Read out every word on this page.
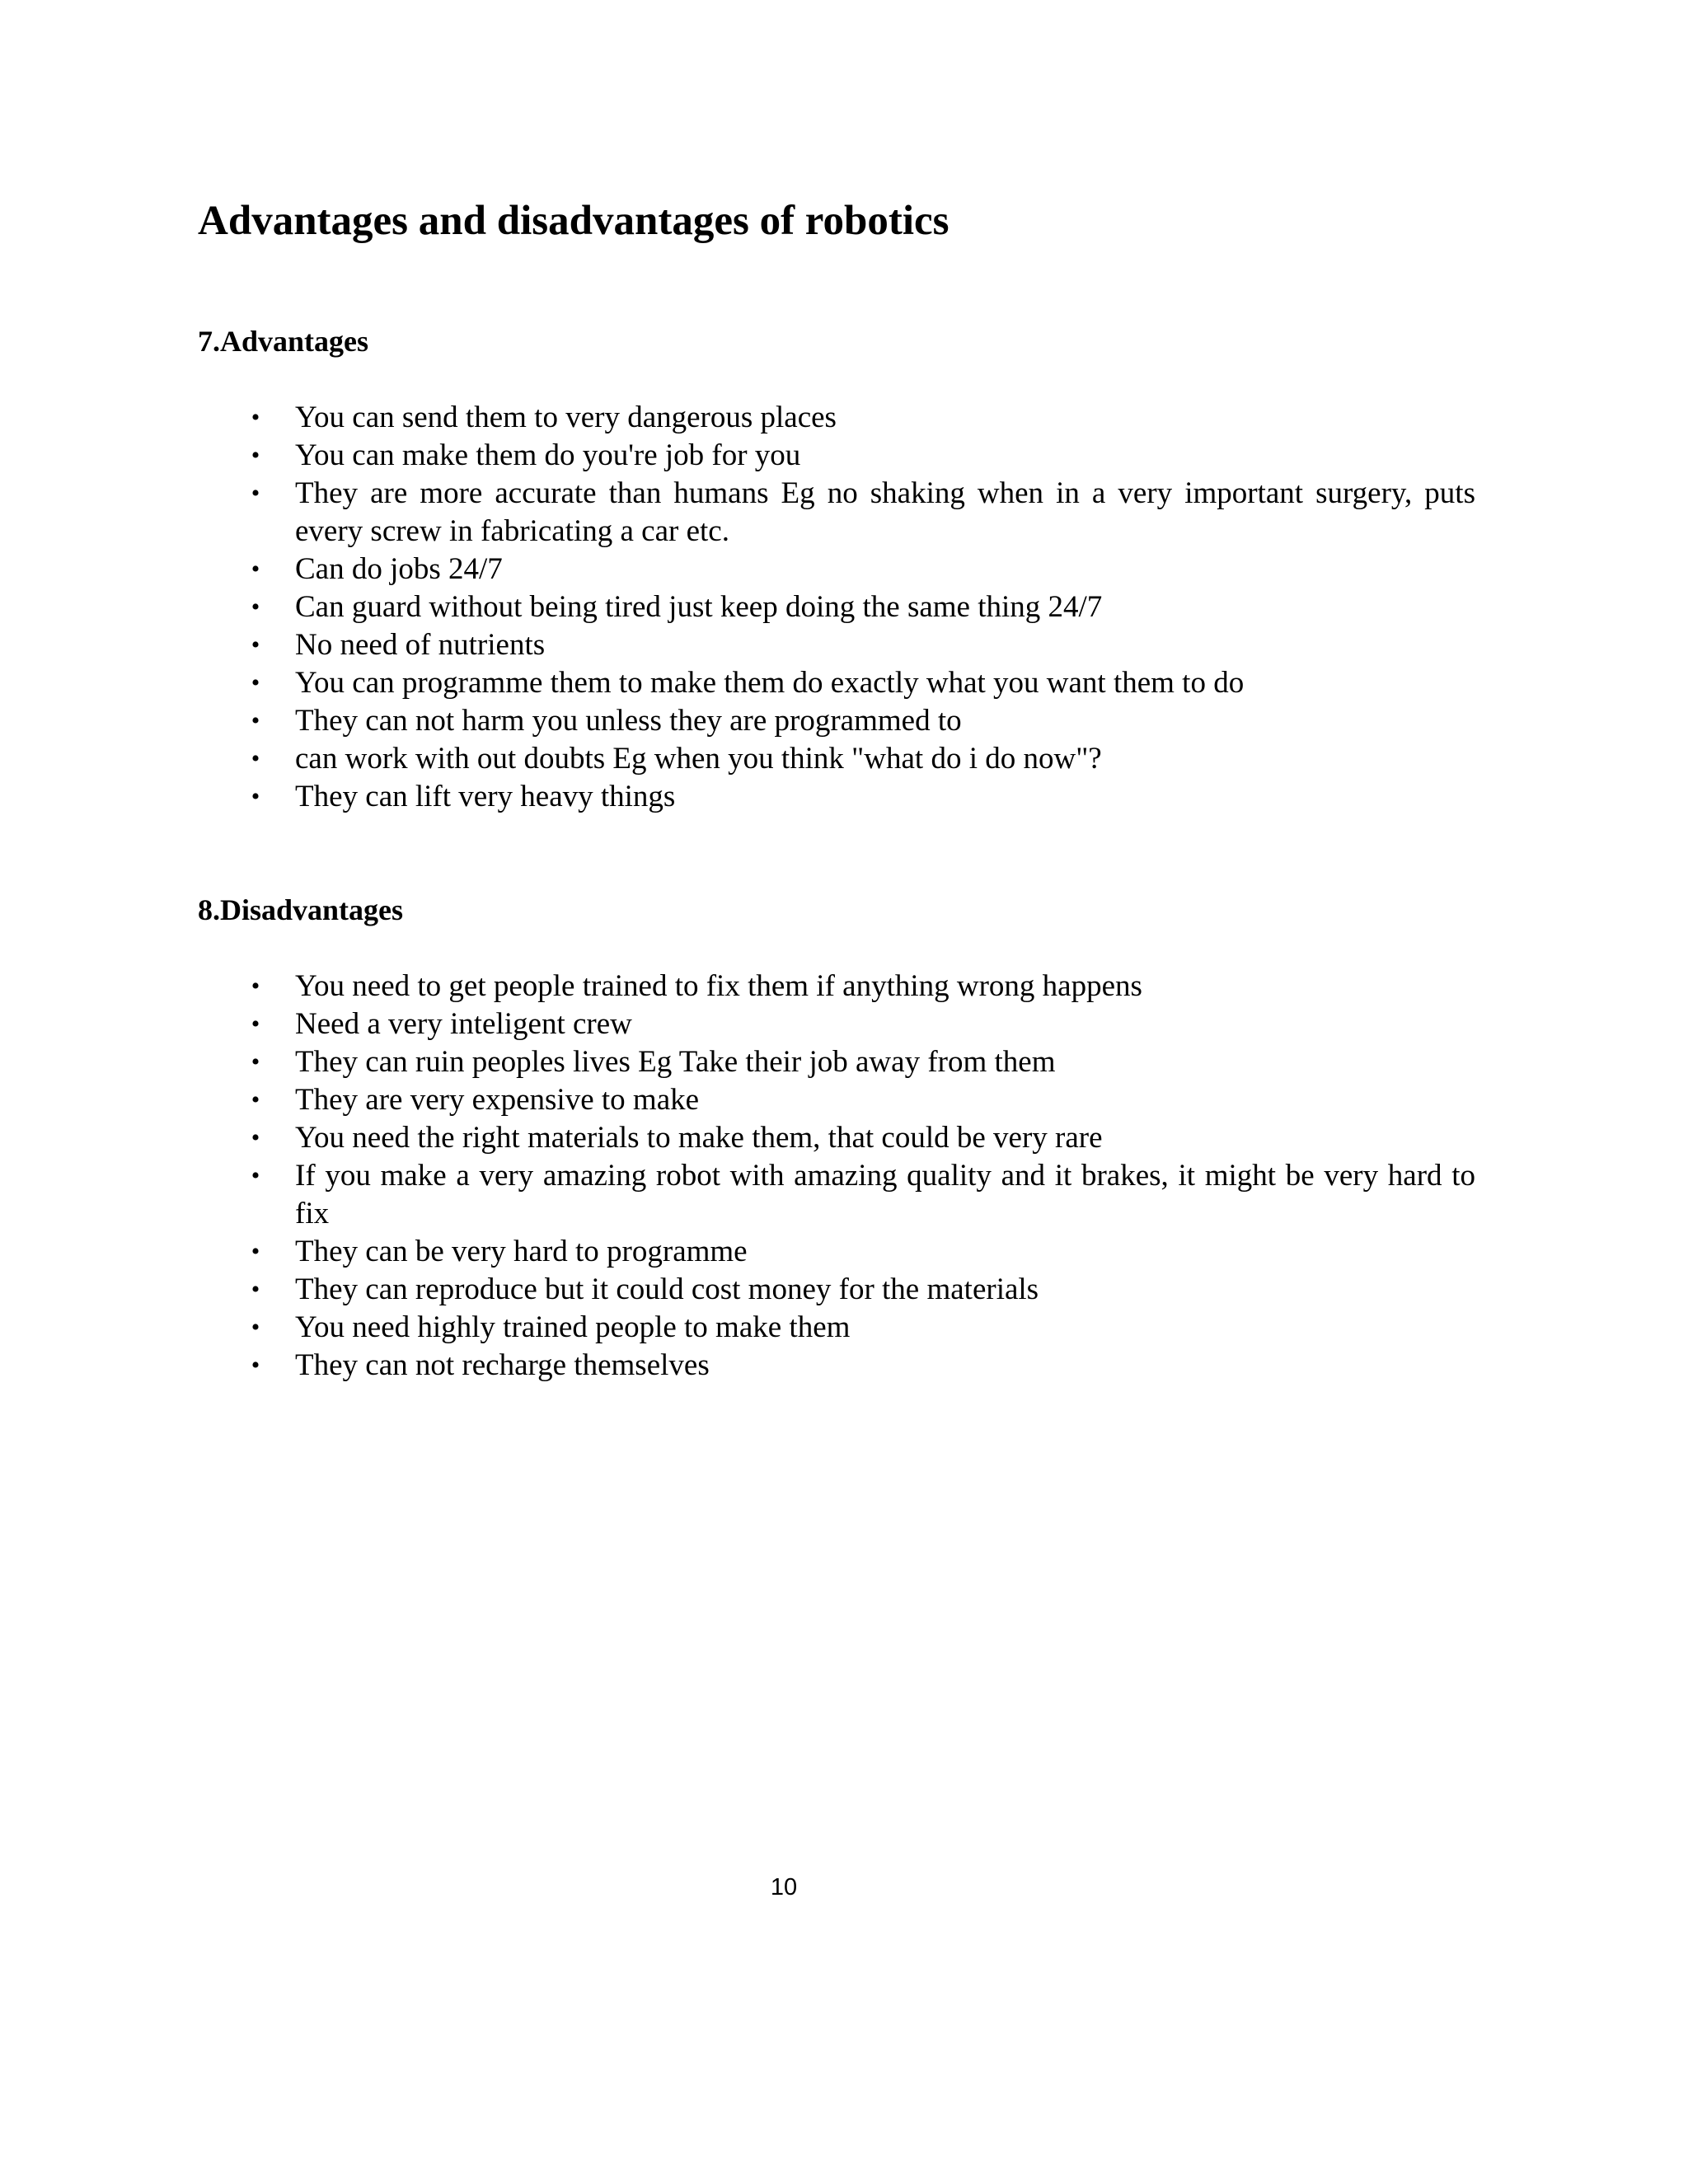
Advantages and disadvantages of robotics
7.Advantages
• You can send them to very dangerous places
• You can make them do you're job for you
• They are more accurate than humans Eg no shaking when in a very important surgery, puts every screw in fabricating a car etc.
• Can do jobs 24/7
• Can guard without being tired just keep doing the same thing 24/7
• No need of nutrients
• You can programme them to make them do exactly what you want them to do
• They can not harm you unless they are programmed to
• can work with out doubts Eg when you think "what do i do now"?
• They can lift very heavy things
8.Disadvantages
• You need to get people trained to fix them if anything wrong happens
• Need a very inteligent crew
• They can ruin peoples lives Eg Take their job away from them
• They are very expensive to make
• You need the right materials to make them, that could be very rare
• If you make a very amazing robot with amazing quality and it brakes, it might be very hard to fix
• They can be very hard to programme
• They can reproduce but it could cost money for the materials
• You need highly trained people to make them
• They can not recharge themselves
10
